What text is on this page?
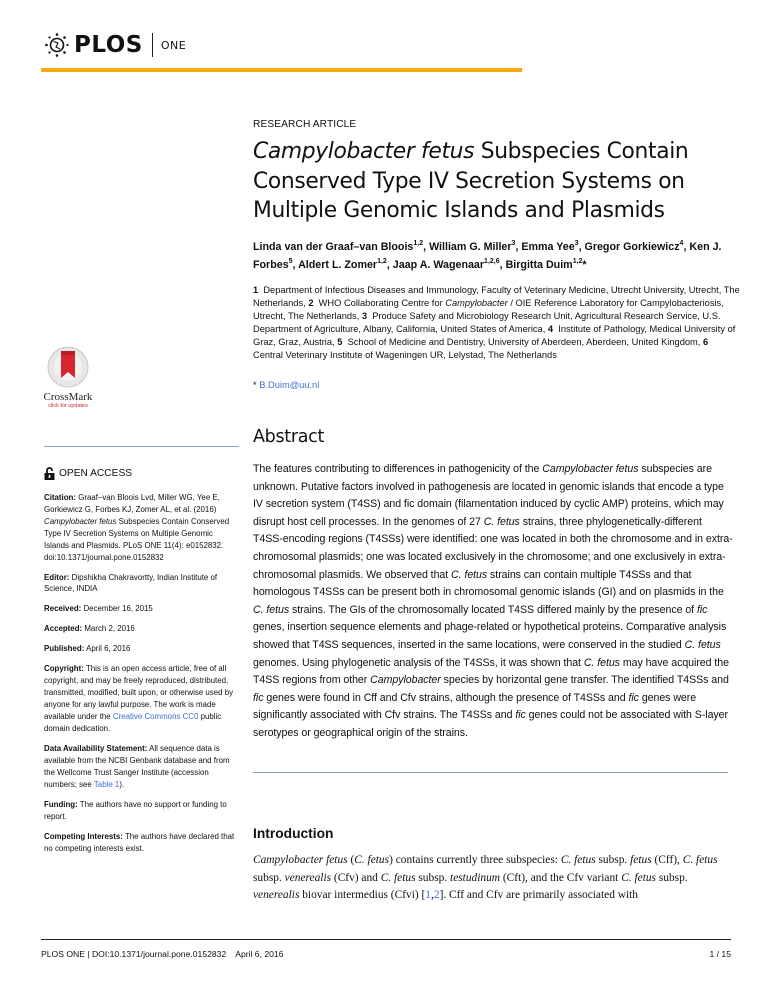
PLOS ONE
RESEARCH ARTICLE
Campylobacter fetus Subspecies Contain
Conserved Type IV Secretion Systems on
Multiple Genomic Islands and Plasmids
Linda van der Graaf–van Bloois$^{1,2}$, William G. Miller$^3$, Emma Yee$^3$, Gregor Gorkiewicz$^4$, Ken J. Forbes$^5$, Aldert L. Zomer$^{1,2}$, Jaap A. Wagenaar$^{1,2,6}$, Birgitta Duim$^{1,2}$*
1 Department of Infectious Diseases and Immunology, Faculty of Veterinary Medicine, Utrecht University, Utrecht, The Netherlands, 2 WHO Collaborating Centre for Campylobacter / OIE Reference Laboratory for Campylobacteriosis, Utrecht, The Netherlands, 3 Produce Safety and Microbiology Research Unit, Agricultural Research Service, U.S. Department of Agriculture, Albany, California, United States of America, 4 Institute of Pathology, Medical University of Graz, Graz, Austria, 5 School of Medicine and Dentistry, University of Aberdeen, Aberdeen, United Kingdom, 6  Central Veterinary Institute of Wageningen UR, Lelystad, The Netherlands
* B.Duim@uu.nl
CrossMark
click for updates
OPEN ACCESS

Citation: Graaf–van Bloois Lvd, Miller WG, Yee E, Gorkiewicz G, Forbes KJ, Zomer AL, et al. (2016) Campylobacter fetus Subspecies Contain Conserved Type IV Secretion Systems on Multiple Genomic Islands and Plasmids. PLoS ONE 11(4): e0152832. doi:10.1371/journal.pone.0152832

Editor: Dipshikha Chakravortty, Indian Institute of Science, INDIA

Received: December 16, 2015

Accepted: March 2, 2016

Published: April 6, 2016

Copyright: This is an open access article, free of all copyright, and may be freely reproduced, distributed, transmitted, modified, built upon, or otherwise used by anyone for any lawful purpose. The work is made available under the Creative Commons CC0 public domain dedication.

Data Availability Statement: All sequence data is available from the NCBI Genbank database and from the Wellcome Trust Sanger Institute (accession numbers; see Table 1).

Funding: The authors have no support or funding to report.

Competing Interests: The authors have declared that no competing interests exist.

Abstract
The features contributing to differences in pathogenicity of the Campylobacter fetus subspecies are unknown. Putative factors involved in pathogenesis are located in genomic islands that encode a type IV secretion system (T4SS) and fic domain (filamentation induced by cyclic AMP) proteins, which may disrupt host cell processes. In the genomes of 27 C. fetus strains, three phylogenetically-different T4SS-encoding regions (T4SSs) were identified: one was located in both the chromosome and in extra-chromosomal plasmids; one was located exclusively in the chromosome; and one exclusively in extra-chromosomal plasmids. We observed that C. fetus strains can contain multiple T4SSs and that homologous T4SSs can be present both in chromosomal genomic islands (GI) and on plasmids in the C. fetus strains. The GIs of the chromosomally located T4SS differed mainly by the presence of fic genes, insertion sequence elements and phage-related or hypothetical proteins. Comparative analysis showed that T4SS sequences, inserted in the same locations, were conserved in the studied C. fetus genomes. Using phylogenetic analysis of the T4SSs, it was shown that C. fetus may have acquired the T4SS regions from other Campylobacter species by horizontal gene transfer. The identified T4SSs and fic genes were found in Cff and Cfv strains, although the presence of T4SSs and fic genes were significantly associated with Cfv strains. The T4SSs and fic genes could not be associated with S-layer serotypes or geographical origin of the strains.
Introduction
Campylobacter fetus (C. fetus) contains currently three subspecies: C. fetus subsp. fetus (Cff), C. fetus subsp. venerealis (Cfv) and C. fetus subsp. testudinum (Cft), and the Cfv variant C. fetus subsp. venerealis biovar intermedius (Cfvi) [1,2]. Cff and Cfv are primarily associated with
PLOS ONE | DOI:10.1371/journal.pone.0152832 April 6, 2016	1 / 15
